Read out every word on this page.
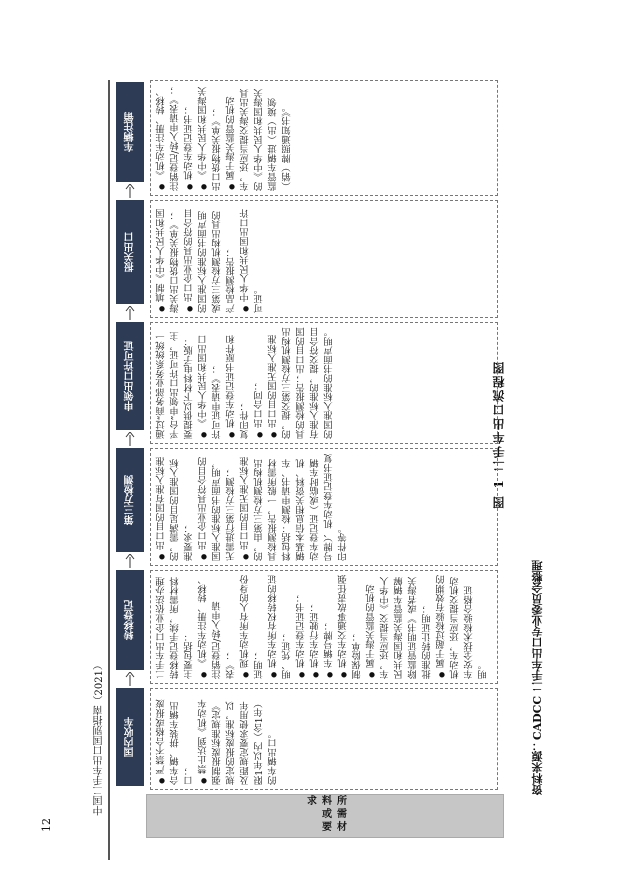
12
中国二手车出口国别指南（2021）	资料来源：CADCC 二手车出口专业委员会整理
图 1 二手车出口流程图
国内收车
转移登记
第三方检测
申领出口许可证
报关出口
车辆注销
所需材料或要求
● 严禁不合格或报废合车辆、拼装车辆出口； ● 禁止达到《机动车强制报废标准规定》规定的报废标准，以及距规定要求使用年限1年以内（含1年）的车辆出口。
二手车出口企业依法办理转移登记手续，所需材料主要包括： ● 《机动车注册、转移、注销登记/转入申请表》； ● 现机动车所有人的身份证明； ● 机动车所有权转移的证明、凭证； ● 机动车登记证书；
● 机动车行驶证；
● 车辆号牌；
● 机动车交通事故责任强制保险单； ● 属于海关监管的机动车，还应当提交《中华人民共和国海关监管车辆解除监管证明书》或者海关批准的转让证明； ● 属于超过检验有效期的机动车，还应当提交机动车安全技术检验合格证明。
● 出口目的国有准入标准的，需满足目的国准入标准要求； ● 出口企业出具符合目的国准入标准的书面声明，无需进行第三方检测； ● 出口目的国无准入标准的，由第三方检测机构出具检测报告，一般所需材料包括：检测申请书、车辆基本信息相关资料、机动车登记证（或临时车辆号牌）、机动车登记证书复印件等。
通过“商务部业务系统统一平台”申领出口许可证，主要提供以下材料电子版： ● 《中华人民共和国出口许可证申请表》； ● 机动车登记证书原件和复印件； ● 出口合同；
● 出口目的国无准入标准的，提交第三方检测机构出具的检测报告；出口目的国有准入标准的，提交符合目的国准入标准的书面声明。
● 填制《中华人民共和国海关出口货物报关单》； ● 出口企业出具的符合目的国准入标准的书面声明或第三方检测机构出具的产品检测报告； ● 中华人民共和国出口许可证。
● 《机动车注册、转移、注销登记/转入申请表》； ● 机动车登记证书；
● 《中华人民共和国海关出口货物报关单》； ● 属于海关监管的机动车，还应当提交海关出具的《中华人民共和国海关监管车辆进（出）境领（销）牌照通知书》。
